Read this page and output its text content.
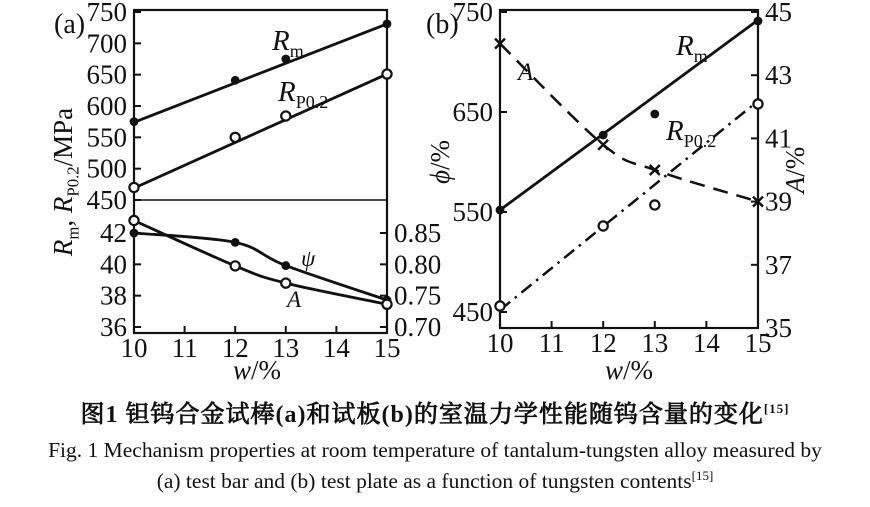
450
500
550
600
650
700
750
$R_m$, $R_{P0.2}$/MPa
36
38
40
42
0.70
0.75
0.80
0.85
10 11 12 13 14 15
w/%
(a)
$R_m$
$R_{P0.2}$
ψ
A	450
550
650
750
ϕ/%
35
37
39
41
43
45
A/%
10 11 12 13 14 15
w/%
(b)
$R_m$
$R_{P0.2}$
A
图1 钽钨合金试棒(a)和试板(b)的室温力学性能随钨含量的变化[15]
Fig. 1 Mechanism properties at room temperature of tantalum-tungsten alloy measured by
(a) test bar and (b) test plate as a function of tungsten contents[15]
